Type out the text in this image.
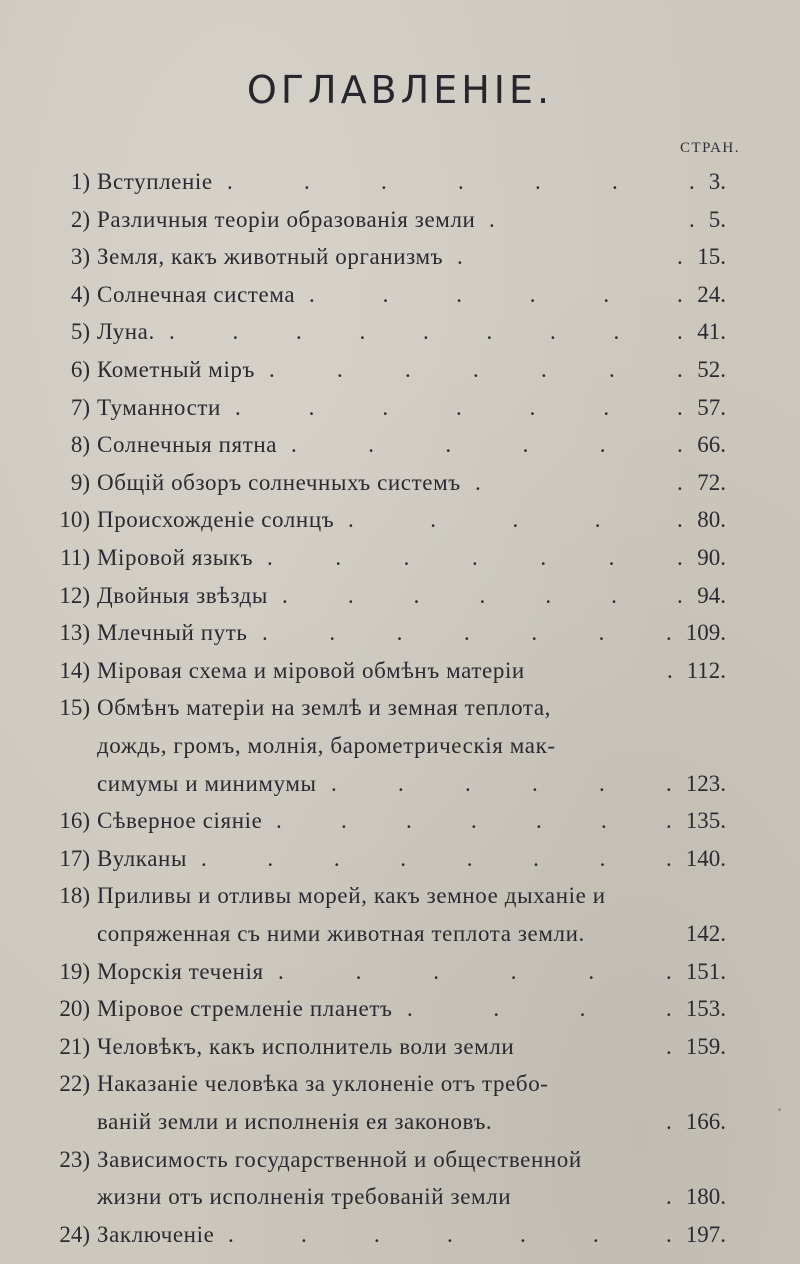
ОГЛАВЛЕНІЕ.
СТРАН.
1) Вступленіе .	.	.	.	.	.	. 3.
2) Различныя теоріи образованія земли .	. 5.
3) Земля, какъ животный организмъ .	. 15.
4) Солнечная система .	.	.	.	.	. 24.
5) Луна. .	.	.	.	.	.	.	.	. 41.
6) Кометный міръ .	.	.	.	.	.	. 52.
7) Туманности .	.	.	.	.	.	. 57.
8) Солнечныя пятна .	.	.	.	.	. 66.
9) Общій обзоръ солнечныхъ системъ .	. 72.
10) Происхожденіе солнцъ .	.	.	.	. 80.
11) Міровой языкъ .	.	.	.	.	.	. 90.
12) Двойныя звѣзды .	.	.	.	.	.	. 94.
13) Млечный путь .	.	.	.	.	.	. 109.
14) Міровая схема и міровой обмѣнъ матеріи	. 112.
15) Обмѣнъ матеріи на землѣ и земная теплота,
дождь, громъ, молнія, барометрическія мак-
симумы и минимумы .	.	.	.	.	. 123.
16) Сѣверное сіяніе .	.	.	.	.	.	. 135.
17) Вулканы .	.	.	.	.	.	.	. 140.
18) Приливы и отливы морей, какъ земное дыханіе и
сопряженная съ ними животная теплота земли.	142.
19) Морскія теченія .	.	.	.	.	. 151.
20) Міровое стремленіе планетъ .	.	.	. 153.
21) Человѣкъ, какъ исполнитель воли земли	. 159.
22) Наказаніе человѣка за уклоненіе отъ требо-
ваній земли и исполненія ея законовъ.	. 166.
23) Зависимость государственной и общественной
жизни отъ исполненія требованій земли	. 180.
24) Заключеніе .	.	.	.	.	.	. 197.
